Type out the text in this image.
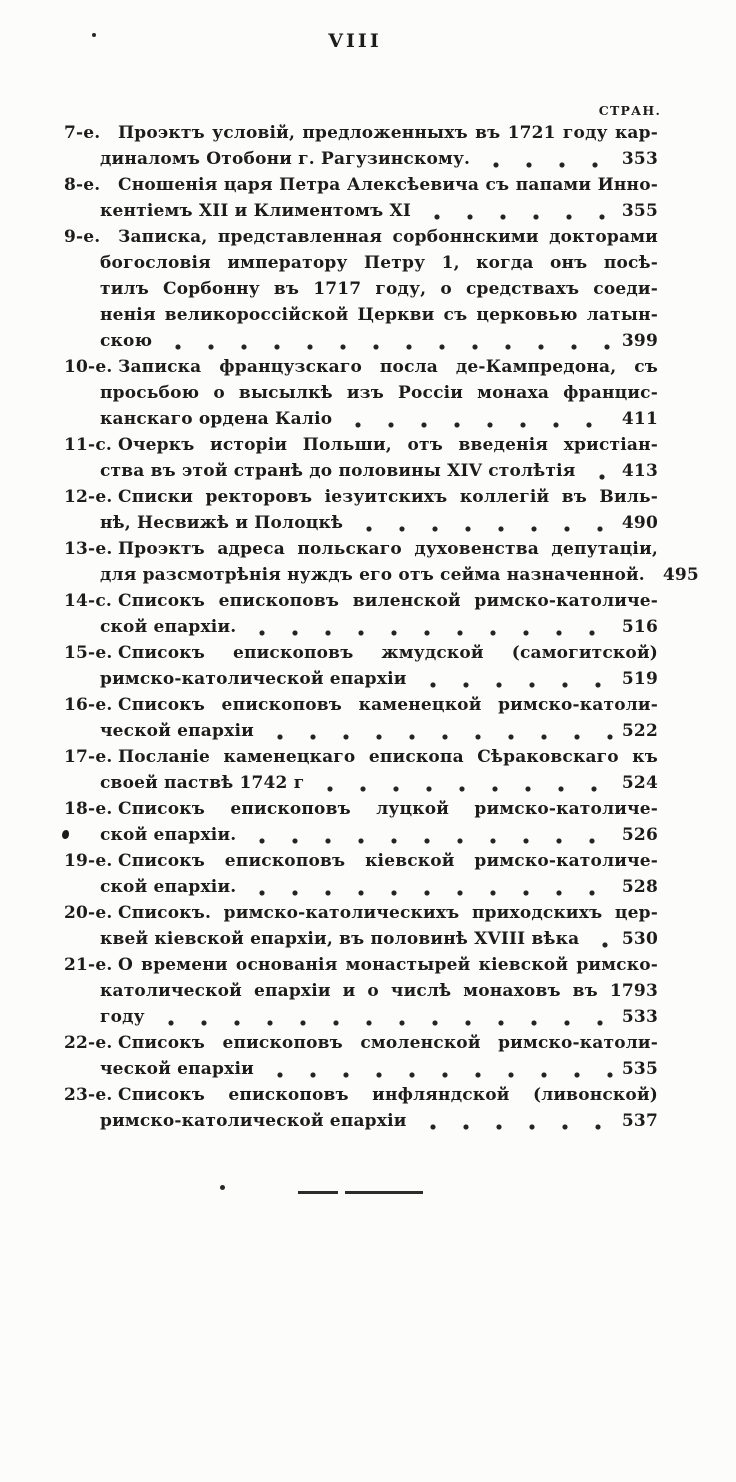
VIII
СТРАН.
7-е.	Проэктъ условій, предложенныхъ въ 1721 году кар-
диналомъ Отобони г. Рагузинскому.	353
8-е.	Сношенія царя Петра Алексѣевича съ папами Инно-
кентіемъ XII и Климентомъ XI	355
9-е.	Записка, представленная сорбоннскими докторами
богословія императору Петру 1, когда онъ посѣ-
тилъ Сорбонну въ 1717 году, о средствахъ соеди-
ненія великороссійской Церкви съ церковью латын-
скою	399
10-е. Записка французскаго посла де-Кампредона, съ
просьбою о высылкѣ изъ Россіи монаха францис-
канскаго ордена Каліо	411
11-с. Очеркъ исторіи Польши, отъ введенія христіан-
ства въ этой странѣ до половины XIV столѣтія	413
12-е. Списки ректоровъ іезуитскихъ коллегій въ Виль-
нѣ, Несвижѣ и Полоцкѣ	490
13-е. Проэктъ адреса польскаго духовенства депутаціи,
для разсмотрѣнія нуждъ его отъ сейма назначенной. 495
14-с. Списокъ епископовъ виленской римско-католиче-
ской епархіи.	516
15-е. Списокъ епископовъ жмудской (самогитской)
римско-католической епархіи	519
16-е. Списокъ епископовъ каменецкой римско-католи-
ческой епархіи	522
17-е. Посланіе каменецкаго епископа Сѣраковскаго къ
своей паствѣ 1742 г	524
18-е. Списокъ епископовъ луцкой римско-католиче-
ской епархіи.	526
19-е. Списокъ епископовъ кіевской римско-католиче-
ской епархіи.	528
20-е. Списокъ. римско-католическихъ приходскихъ цер-
квей кіевской епархіи, въ половинѣ XVIII вѣка	530
21-е. О времени основанія монастырей кіевской римско-
католической епархіи и о числѣ монаховъ въ 1793
году	533
22-е. Списокъ епископовъ смоленской римско-католи-
ческой епархіи	535
23-е. Списокъ епископовъ инфляндской (ливонской)
римско-католической епархіи	537
